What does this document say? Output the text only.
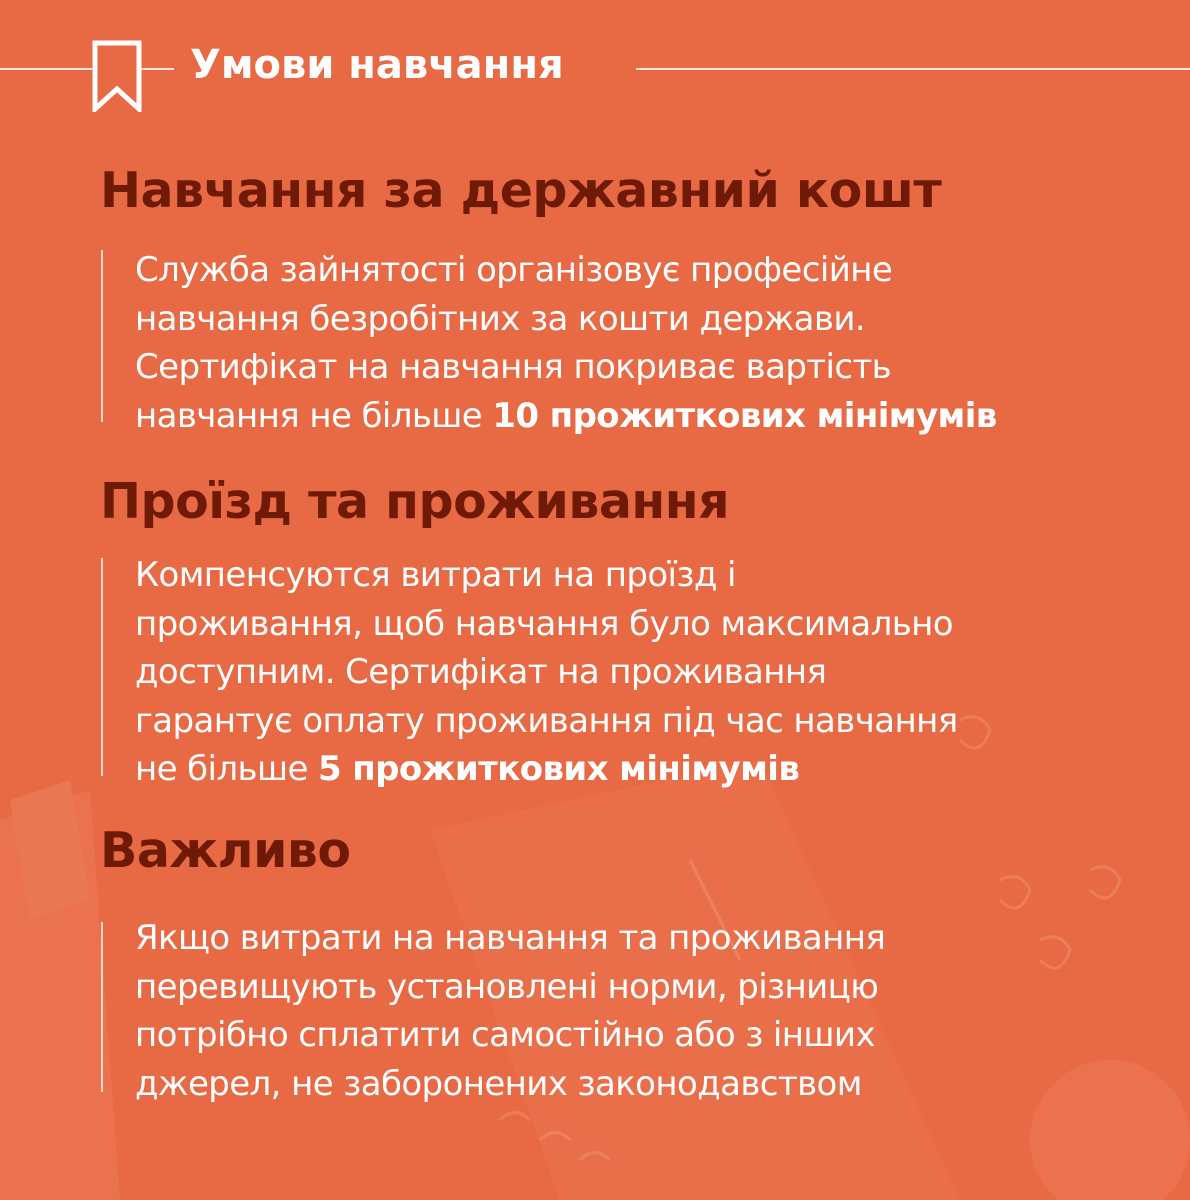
Умови навчання
Навчання за державний кошт
Служба зайнятості організовує професійне
навчання безробітних за кошти держави.
Сертифікат на навчання покриває вартість
навчання не більше 10 прожиткових мінімумів
Проїзд та проживання
Компенсуются витрати на проїзд і
проживання, щоб навчання було максимально
доступним. Сертифікат на проживання
гарантує оплату проживання під час навчання
не більше 5 прожиткових мінімумів
Важливо
Якщо витрати на навчання та проживання
перевищують установлені норми, різницю
потрібно сплатити самостійно або з інших
джерел, не заборонених законодавством
